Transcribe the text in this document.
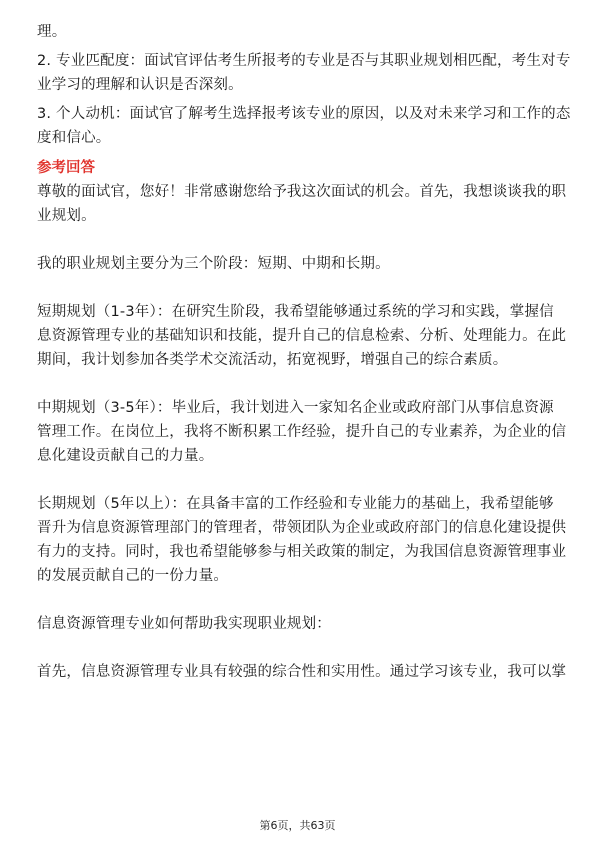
理。
2. 专业匹配度：面试官评估考生所报考的专业是否与其职业规划相匹配，考生对专
业学习的理解和认识是否深刻。
3. 个人动机：面试官了解考生选择报考该专业的原因，以及对未来学习和工作的态
度和信心。
参考回答
尊敬的面试官，您好！非常感谢您给予我这次面试的机会。首先，我想谈谈我的职
业规划。
我的职业规划主要分为三个阶段：短期、中期和长期。
短期规划（1-3年）：在研究生阶段，我希望能够通过系统的学习和实践，掌握信
息资源管理专业的基础知识和技能，提升自己的信息检索、分析、处理能力。在此
期间，我计划参加各类学术交流活动，拓宽视野，增强自己的综合素质。
中期规划（3-5年）：毕业后，我计划进入一家知名企业或政府部门从事信息资源
管理工作。在岗位上，我将不断积累工作经验，提升自己的专业素养，为企业的信
息化建设贡献自己的力量。
长期规划（5年以上）：在具备丰富的工作经验和专业能力的基础上，我希望能够
晋升为信息资源管理部门的管理者，带领团队为企业或政府部门的信息化建设提供
有力的支持。同时，我也希望能够参与相关政策的制定，为我国信息资源管理事业
的发展贡献自己的一份力量。
信息资源管理专业如何帮助我实现职业规划：
首先，信息资源管理专业具有较强的综合性和实用性。通过学习该专业，我可以掌
第6页，共63页
